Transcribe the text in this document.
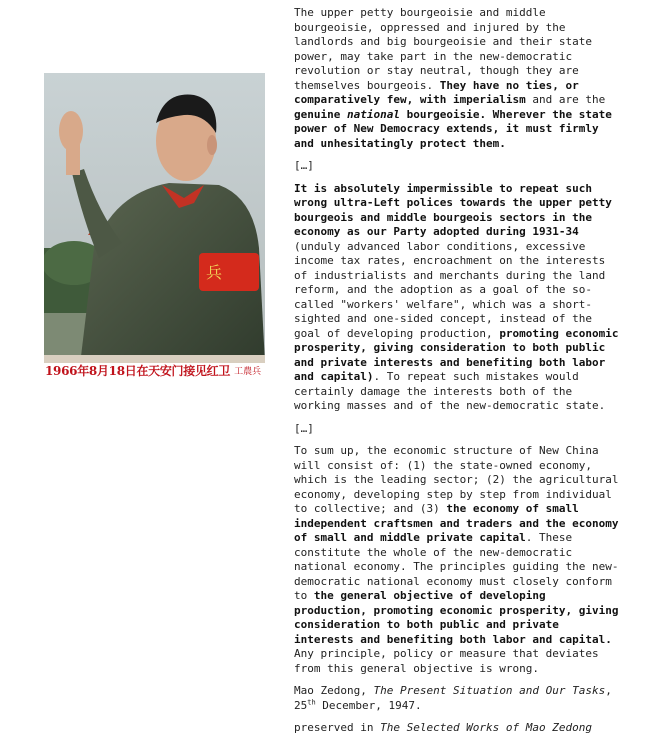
兵
1966年8月18日在天安门接见红卫 工農兵

The upper petty bourgeoisie and middle bourgeoisie, oppressed and injured by the landlords and big bourgeoisie and their state power, may take part in the new-democratic revolution or stay neutral, though they are themselves bourgeois. They have no ties, or comparatively few, with imperialism and are the genuine national bourgeoisie. Wherever the state power of New Democracy extends, it must firmly and unhesitatingly protect them.

[…]

It is absolutely impermissible to repeat such wrong ultra-Left polices towards the upper petty bourgeois and middle bourgeois sectors in the economy as our Party adopted during 1931-34 (unduly advanced labor conditions, excessive income tax rates, encroachment on the interests of industrialists and merchants during the land reform, and the adoption as a goal of the so-called "workers' welfare", which was a short-sighted and one-sided concept, instead of the goal of developing production, promoting economic prosperity, giving consideration to both public and private interests and benefiting both labor and capital). To repeat such mistakes would certainly damage the interests both of the working masses and of the new-democratic state.

[…]

To sum up, the economic structure of New China will consist of: (1) the state-owned economy, which is the leading sector; (2) the agricultural economy, developing step by step from individual to collective; and (3) the economy of small independent craftsmen and traders and the economy of small and middle private capital. These constitute the whole of the new-democratic national economy. The principles guiding the new-democratic national economy must closely conform to the general objective of developing production, promoting economic prosperity, giving consideration to both public and private interests and benefiting both labor and capital. Any principle, policy or measure that deviates from this general objective is wrong.

Mao Zedong, The Present Situation and Our Tasks,
25th December, 1947.

preserved in The Selected Works of Mao Zedong
